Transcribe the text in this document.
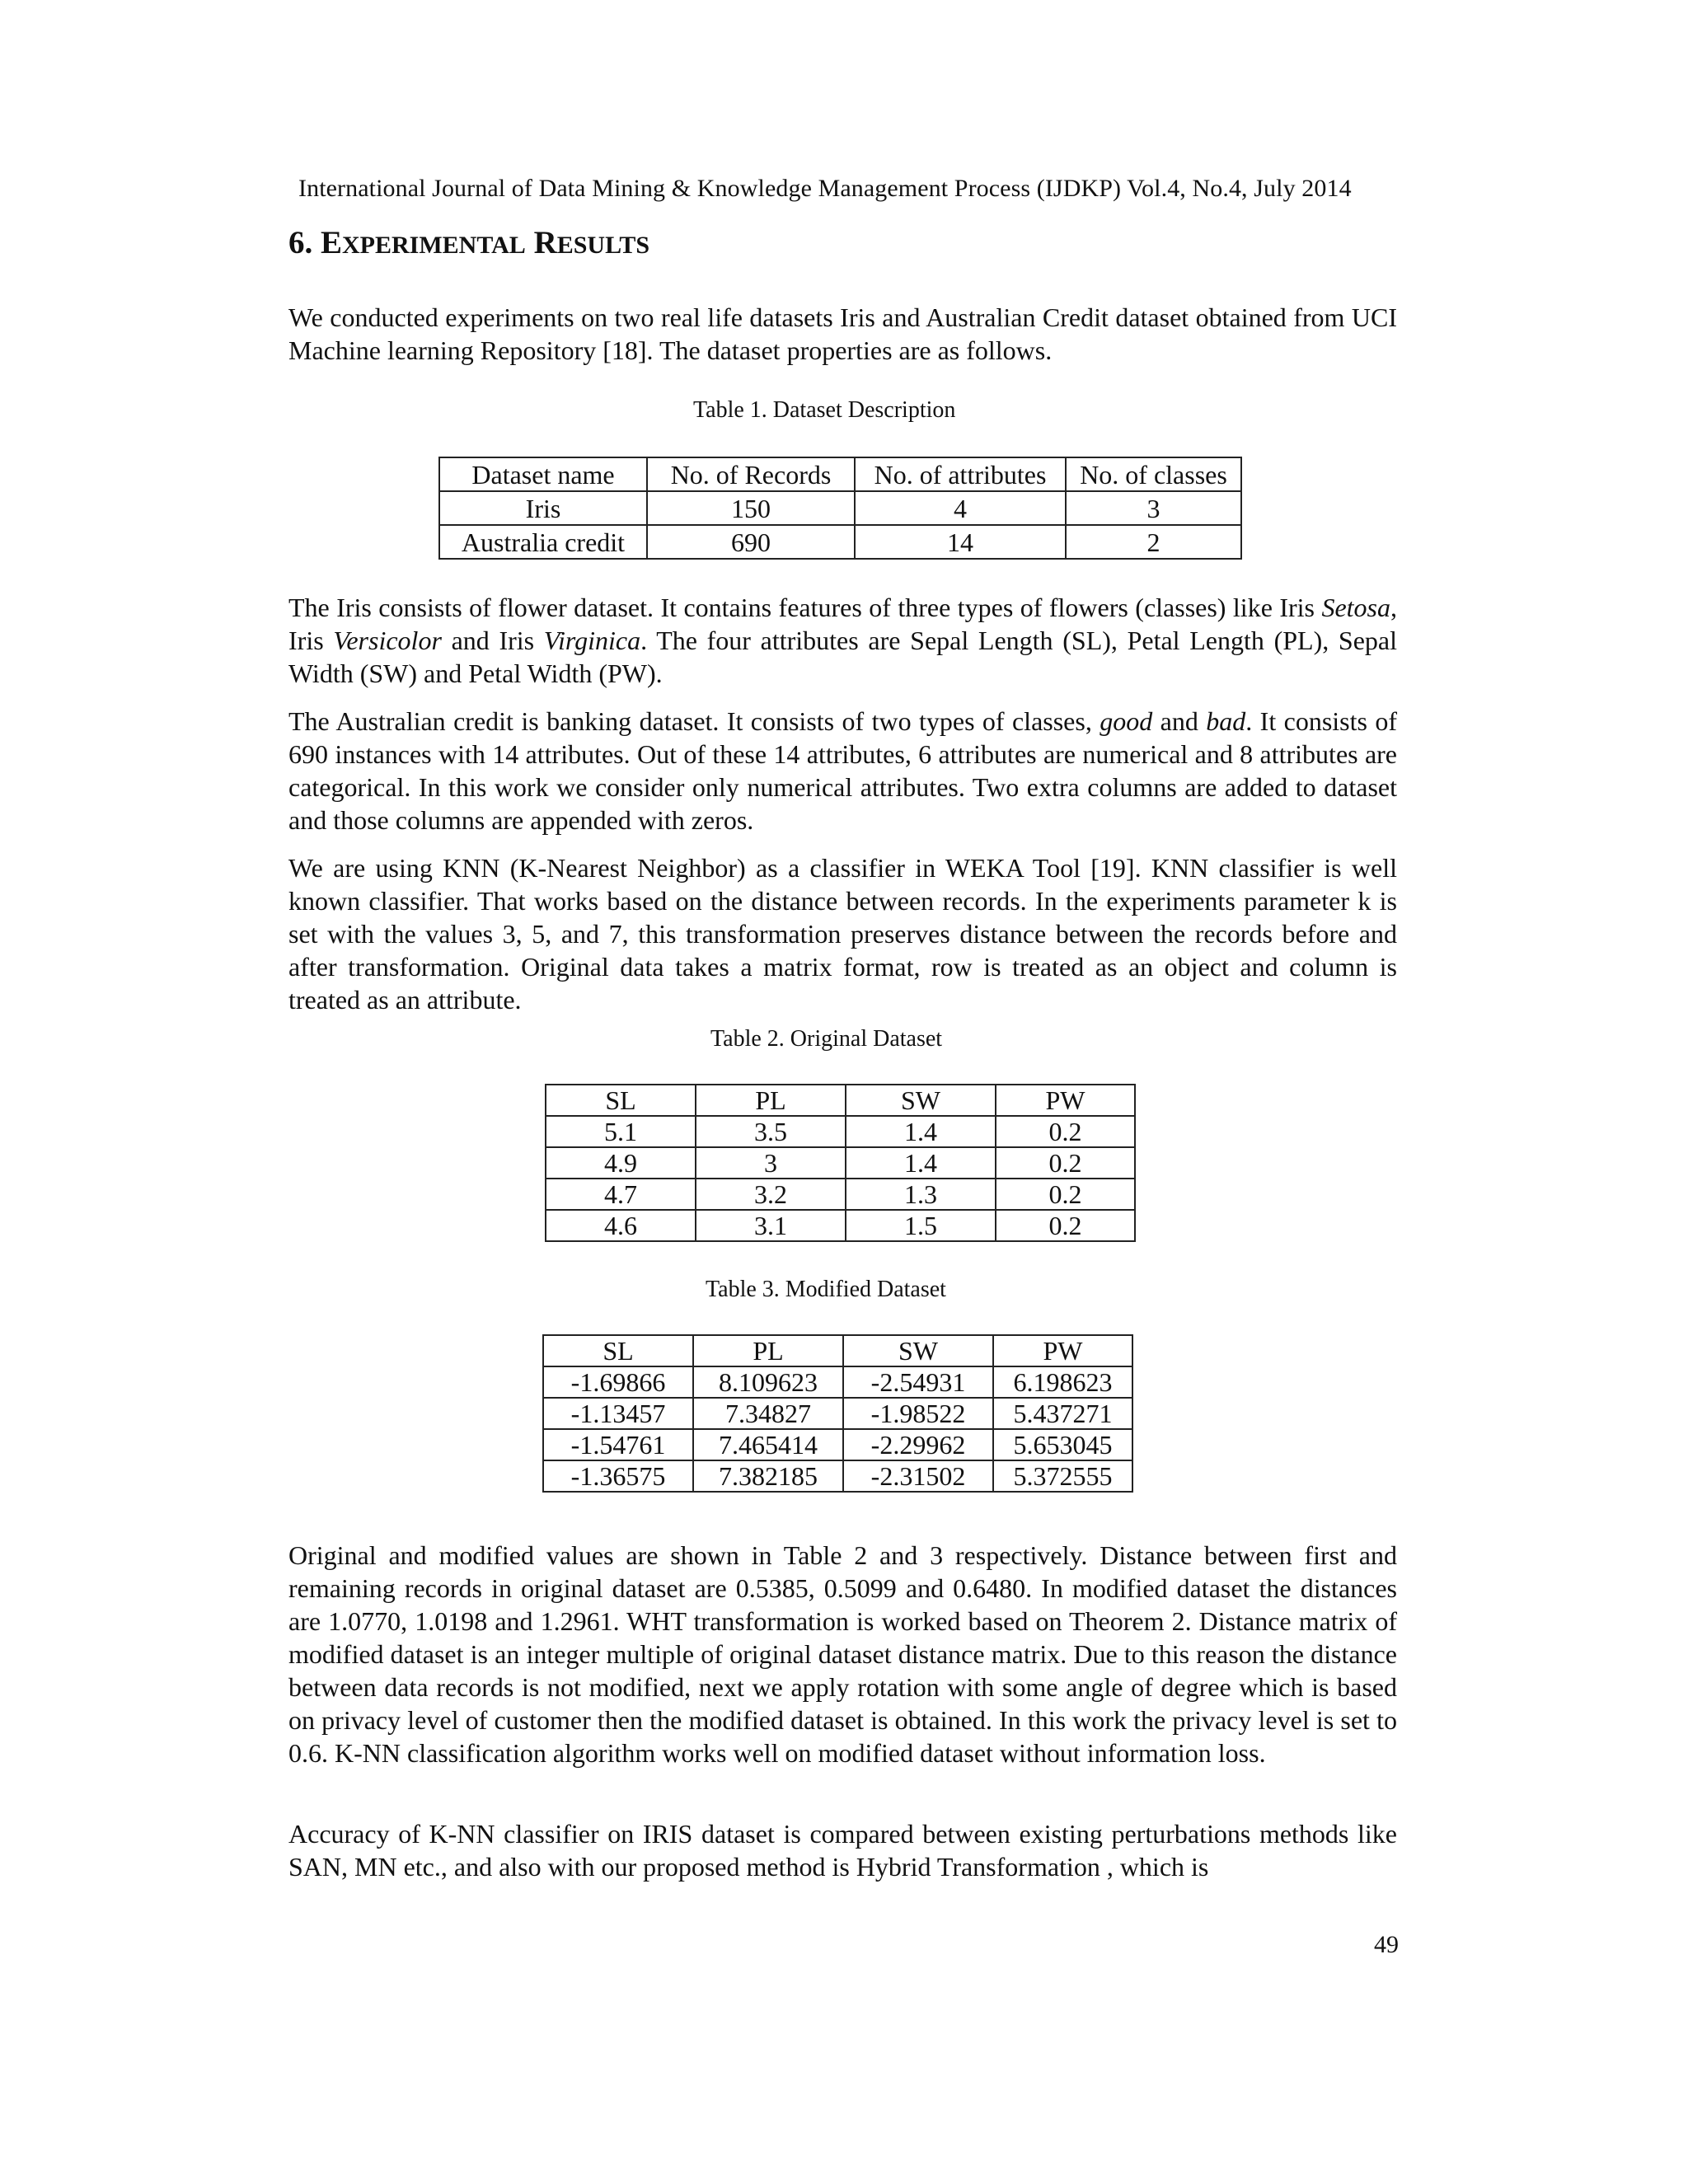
International Journal of Data Mining & Knowledge Management Process (IJDKP) Vol.4, No.4, July 2014
6. EXPERIMENTAL RESULTS

We conducted experiments on two real life datasets Iris and Australian Credit dataset obtained from UCI Machine learning Repository [18]. The dataset properties are as follows.

Table 1. Dataset Description
Dataset name	No. of Records	No. of attributes	No. of classes
Iris	150	4	3
Australia credit	690	14	2

The Iris consists of flower dataset. It contains features of three types of flowers (classes) like Iris Setosa, Iris Versicolor and Iris Virginica. The four attributes are Sepal Length (SL), Petal Length (PL), Sepal Width (SW) and Petal Width (PW).

The Australian credit is banking dataset. It consists of two types of classes, good and bad. It consists of 690 instances with 14 attributes. Out of these 14 attributes, 6 attributes are numerical and 8 attributes are categorical. In this work we consider only numerical attributes. Two extra columns are added to dataset and those columns are appended with zeros.

We are using KNN (K-Nearest Neighbor) as a classifier in WEKA Tool [19]. KNN classifier is well known classifier. That works based on the distance between records. In the experiments parameter k is set with the values 3, 5, and 7, this transformation preserves distance between the records before and after transformation. Original data takes a matrix format, row is treated as an object and column is treated as an attribute.

Table 2. Original Dataset
SL	PL	SW	PW
5.1	3.5	1.4	0.2
4.9	3	1.4	0.2
4.7	3.2	1.3	0.2
4.6	3.1	1.5	0.2
Table 3. Modified Dataset
SL	PL	SW	PW
-1.69866	8.109623	-2.54931	6.198623
-1.13457	7.34827	-1.98522	5.437271
-1.54761	7.465414	-2.29962	5.653045
-1.36575	7.382185	-2.31502	5.372555

Original and modified values are shown in Table 2 and 3 respectively. Distance between first and remaining records in original dataset are 0.5385, 0.5099 and 0.6480. In modified dataset the distances are 1.0770, 1.0198 and 1.2961. WHT transformation is worked based on Theorem 2. Distance matrix of modified dataset is an integer multiple of original dataset distance matrix. Due to this reason the distance between data records is not modified, next we apply rotation with some angle of degree which is based on privacy level of customer then the modified dataset is obtained. In this work the privacy level is set to 0.6. K-NN classification algorithm works well on modified dataset without information loss.

Accuracy of K-NN classifier on IRIS dataset is compared between existing perturbations methods like SAN, MN etc., and also with our proposed method is Hybrid Transformation , which is

49
